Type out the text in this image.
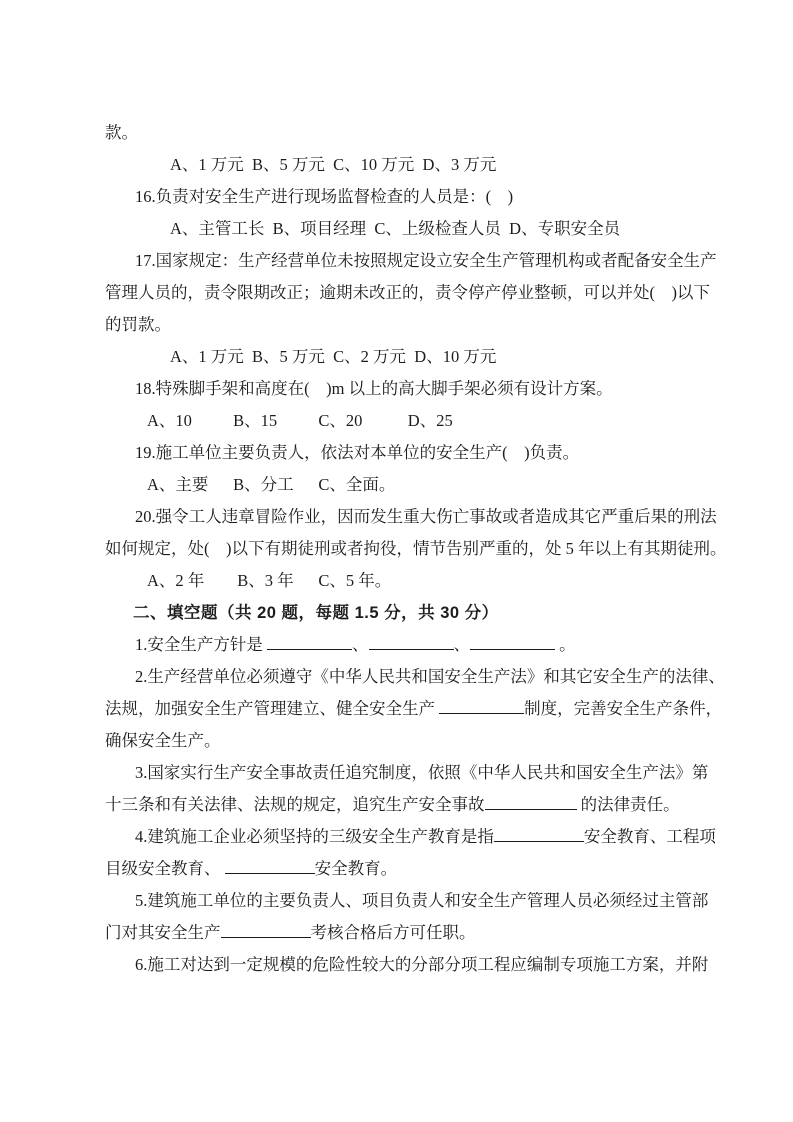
款。

A、1 万元  B、5 万元  C、10 万元  D、3 万元

16.负责对安全生产进行现场监督检查的人员是：(    )

A、主管工长  B、项目经理  C、上级检查人员  D、专职安全员

17.国家规定：生产经营单位未按照规定设立安全生产管理机构或者配备安全生产

管理人员的，责令限期改正；逾期未改正的，责令停产停业整顿，可以并处(    )以下

的罚款。

A、1 万元  B、5 万元  C、2 万元  D、10 万元

18.特殊脚手架和高度在(    )m 以上的高大脚手架必须有设计方案。

A、10          B、15          C、20           D、25

19.施工单位主要负责人，依法对本单位的安全生产(    )负责。

A、主要      B、分工      C、全面。

20.强令工人违章冒险作业，因而发生重大伤亡事故或者造成其它严重后果的刑法

如何规定，处(    )以下有期徒刑或者拘役，情节告别严重的，处 5 年以上有其期徒刑。

A、2 年        B、3 年      C、5 年。

二、填空题（共 20 题，每题 1.5 分，共 30 分）

1.安全生产方针是	、	、	。

2.生产经营单位必须遵守《中华人民共和国安全生产法》和其它安全生产的法律、

法规，加强安全生产管理建立、健全安全生产	制度，完善安全生产条件，

确保安全生产。

3.国家实行生产安全事故责任追究制度，依照《中华人民共和国安全生产法》第

十三条和有关法律、法规的规定，追究生产安全事故	的法律责任。

4.建筑施工企业必须坚持的三级安全生产教育是指	安全教育、工程项

目级安全教育、	安全教育。

5.建筑施工单位的主要负责人、项目负责人和安全生产管理人员必须经过主管部

门对其安全生产	考核合格后方可任职。

6.施工对达到一定规模的危险性较大的分部分项工程应编制专项施工方案，并附
